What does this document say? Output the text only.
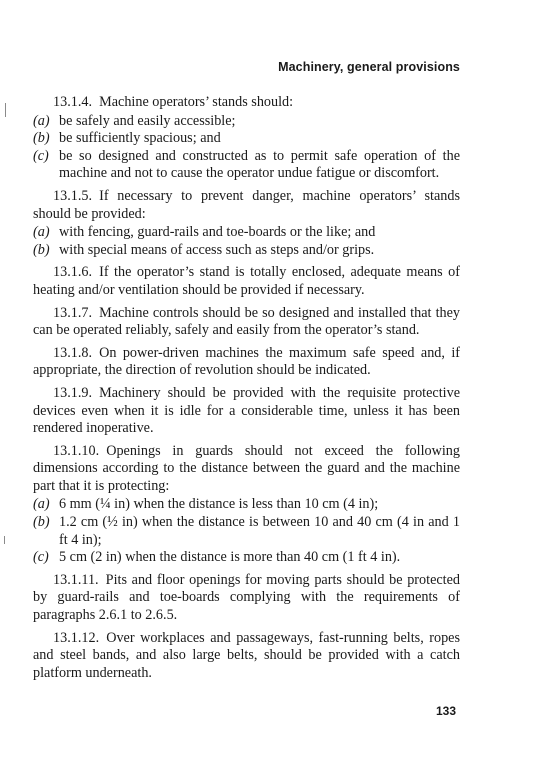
Machinery, general provisions

13.1.4. Machine operators’ stands should:

(a) be safely and easily accessible;

(b) be sufficiently spacious; and

(c) be so designed and constructed as to permit safe operation of the machine and not to cause the operator undue fatigue or discomfort.

13.1.5. If necessary to prevent danger, machine operators’ stands should be provided:

(a) with fencing, guard-rails and toe-boards or the like; and

(b) with special means of access such as steps and/or grips.

13.1.6. If the operator’s stand is totally enclosed, adequate means of heating and/or ventilation should be provided if necessary.

13.1.7. Machine controls should be so designed and installed that they can be operated reliably, safely and easily from the operator’s stand.

13.1.8. On power-driven machines the maximum safe speed and, if appropriate, the direction of revolution should be indicated.

13.1.9. Machinery should be provided with the requisite protective devices even when it is idle for a considerable time, unless it has been rendered inoperative.

13.1.10. Openings in guards should not exceed the following dimensions according to the distance between the guard and the machine part that it is protecting:

(a) 6 mm (¼ in) when the distance is less than 10 cm (4 in);

(b) 1.2 cm (½ in) when the distance is between 10 and 40 cm (4 in and 1 ft 4 in);

(c) 5 cm (2 in) when the distance is more than 40 cm (1 ft 4 in).

13.1.11. Pits and floor openings for moving parts should be protected by guard-rails and toe-boards complying with the requirements of paragraphs 2.6.1 to 2.6.5.

13.1.12. Over workplaces and passageways, fast-running belts, ropes and steel bands, and also large belts, should be provided with a catch platform underneath.

133
